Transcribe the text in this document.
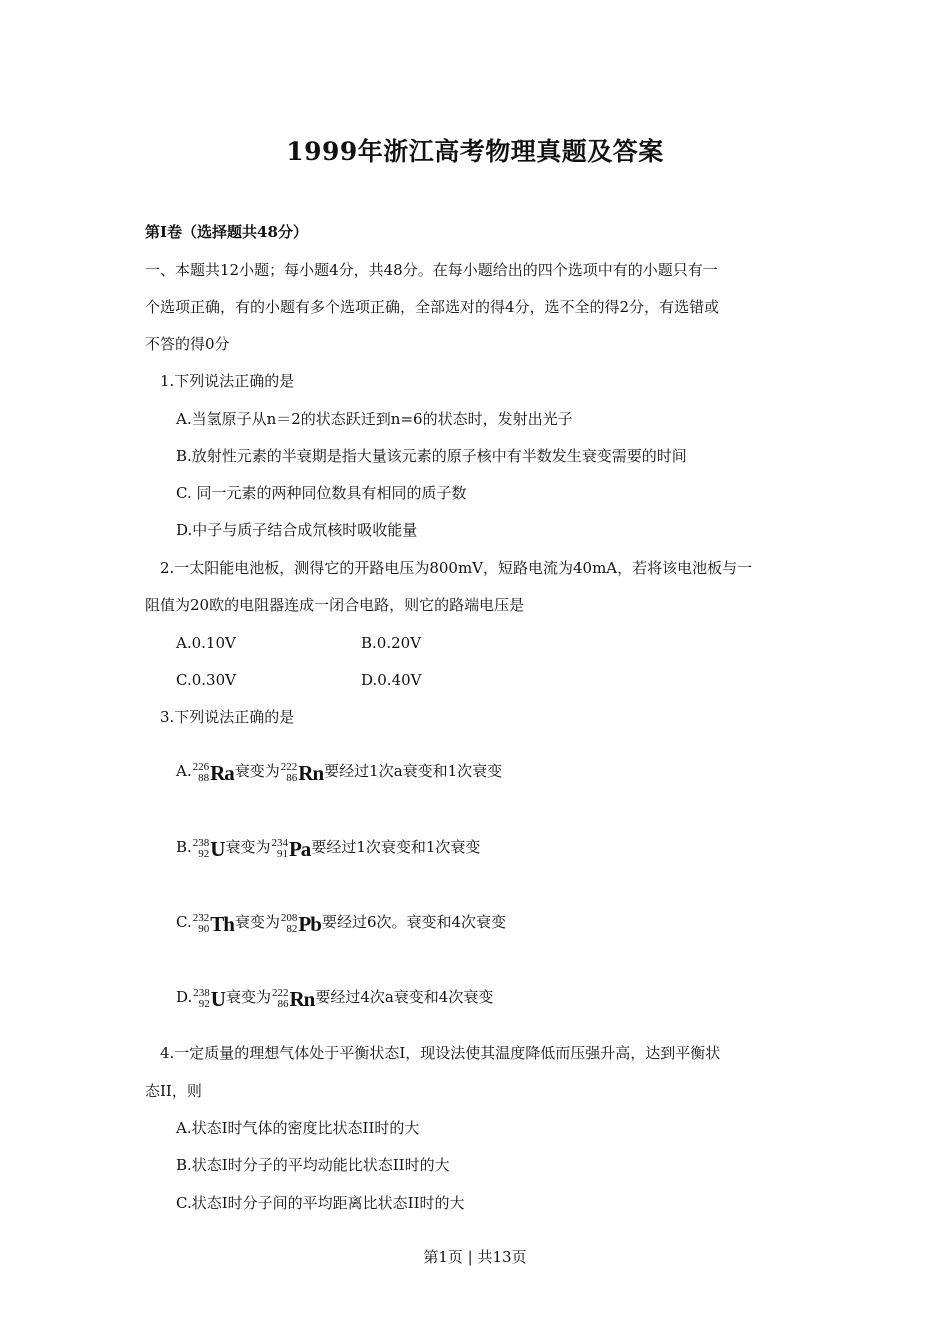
1999年浙江高考物理真题及答案
第I卷（选择题共48分）
一、本题共12小题；每小题4分，共48分。在每小题给出的四个选项中有的小题只有一
个选项正确，有的小题有多个选项正确，全部选对的得4分，选不全的得2分，有选错或
不答的得0分
1.下列说法正确的是
A.当氢原子从n＝2的状态跃迁到n=6的状态时，发射出光子
B.放射性元素的半衰期是指大量该元素的原子核中有半数发生衰变需要的时间
C. 同一元素的两种同位数具有相同的质子数
D.中子与质子结合成氘核时吸收能量
2.一太阳能电池板，测得它的开路电压为800mV，短路电流为40mA，若将该电池板与一
阻值为20欧的电阻器连成一闭合电路，则它的路端电压是
A.0.10V	B.0.20V
C.0.30V	D.0.40V
3.下列说法正确的是
A. 226
88 Ra衰变为 222
86 Rn要经过1次a衰变和1次衰变
B. 238
92 U衰变为 234
91 Pa要经过1次衰变和1次衰变
C. 232
90 Th衰变为 208
82 Pb要经过6次。衰变和4次衰变
D. 238
92 U衰变为 222
86 Rn要经过4次a衰变和4次衰变
4.一定质量的理想气体处于平衡状态I，现设法使其温度降低而压强升高，达到平衡状
态II，则
A.状态I时气体的密度比状态II时的大
B.状态I时分子的平均动能比状态II时的大
C.状态I时分子间的平均距离比状态II时的大
第1页 | 共13页
